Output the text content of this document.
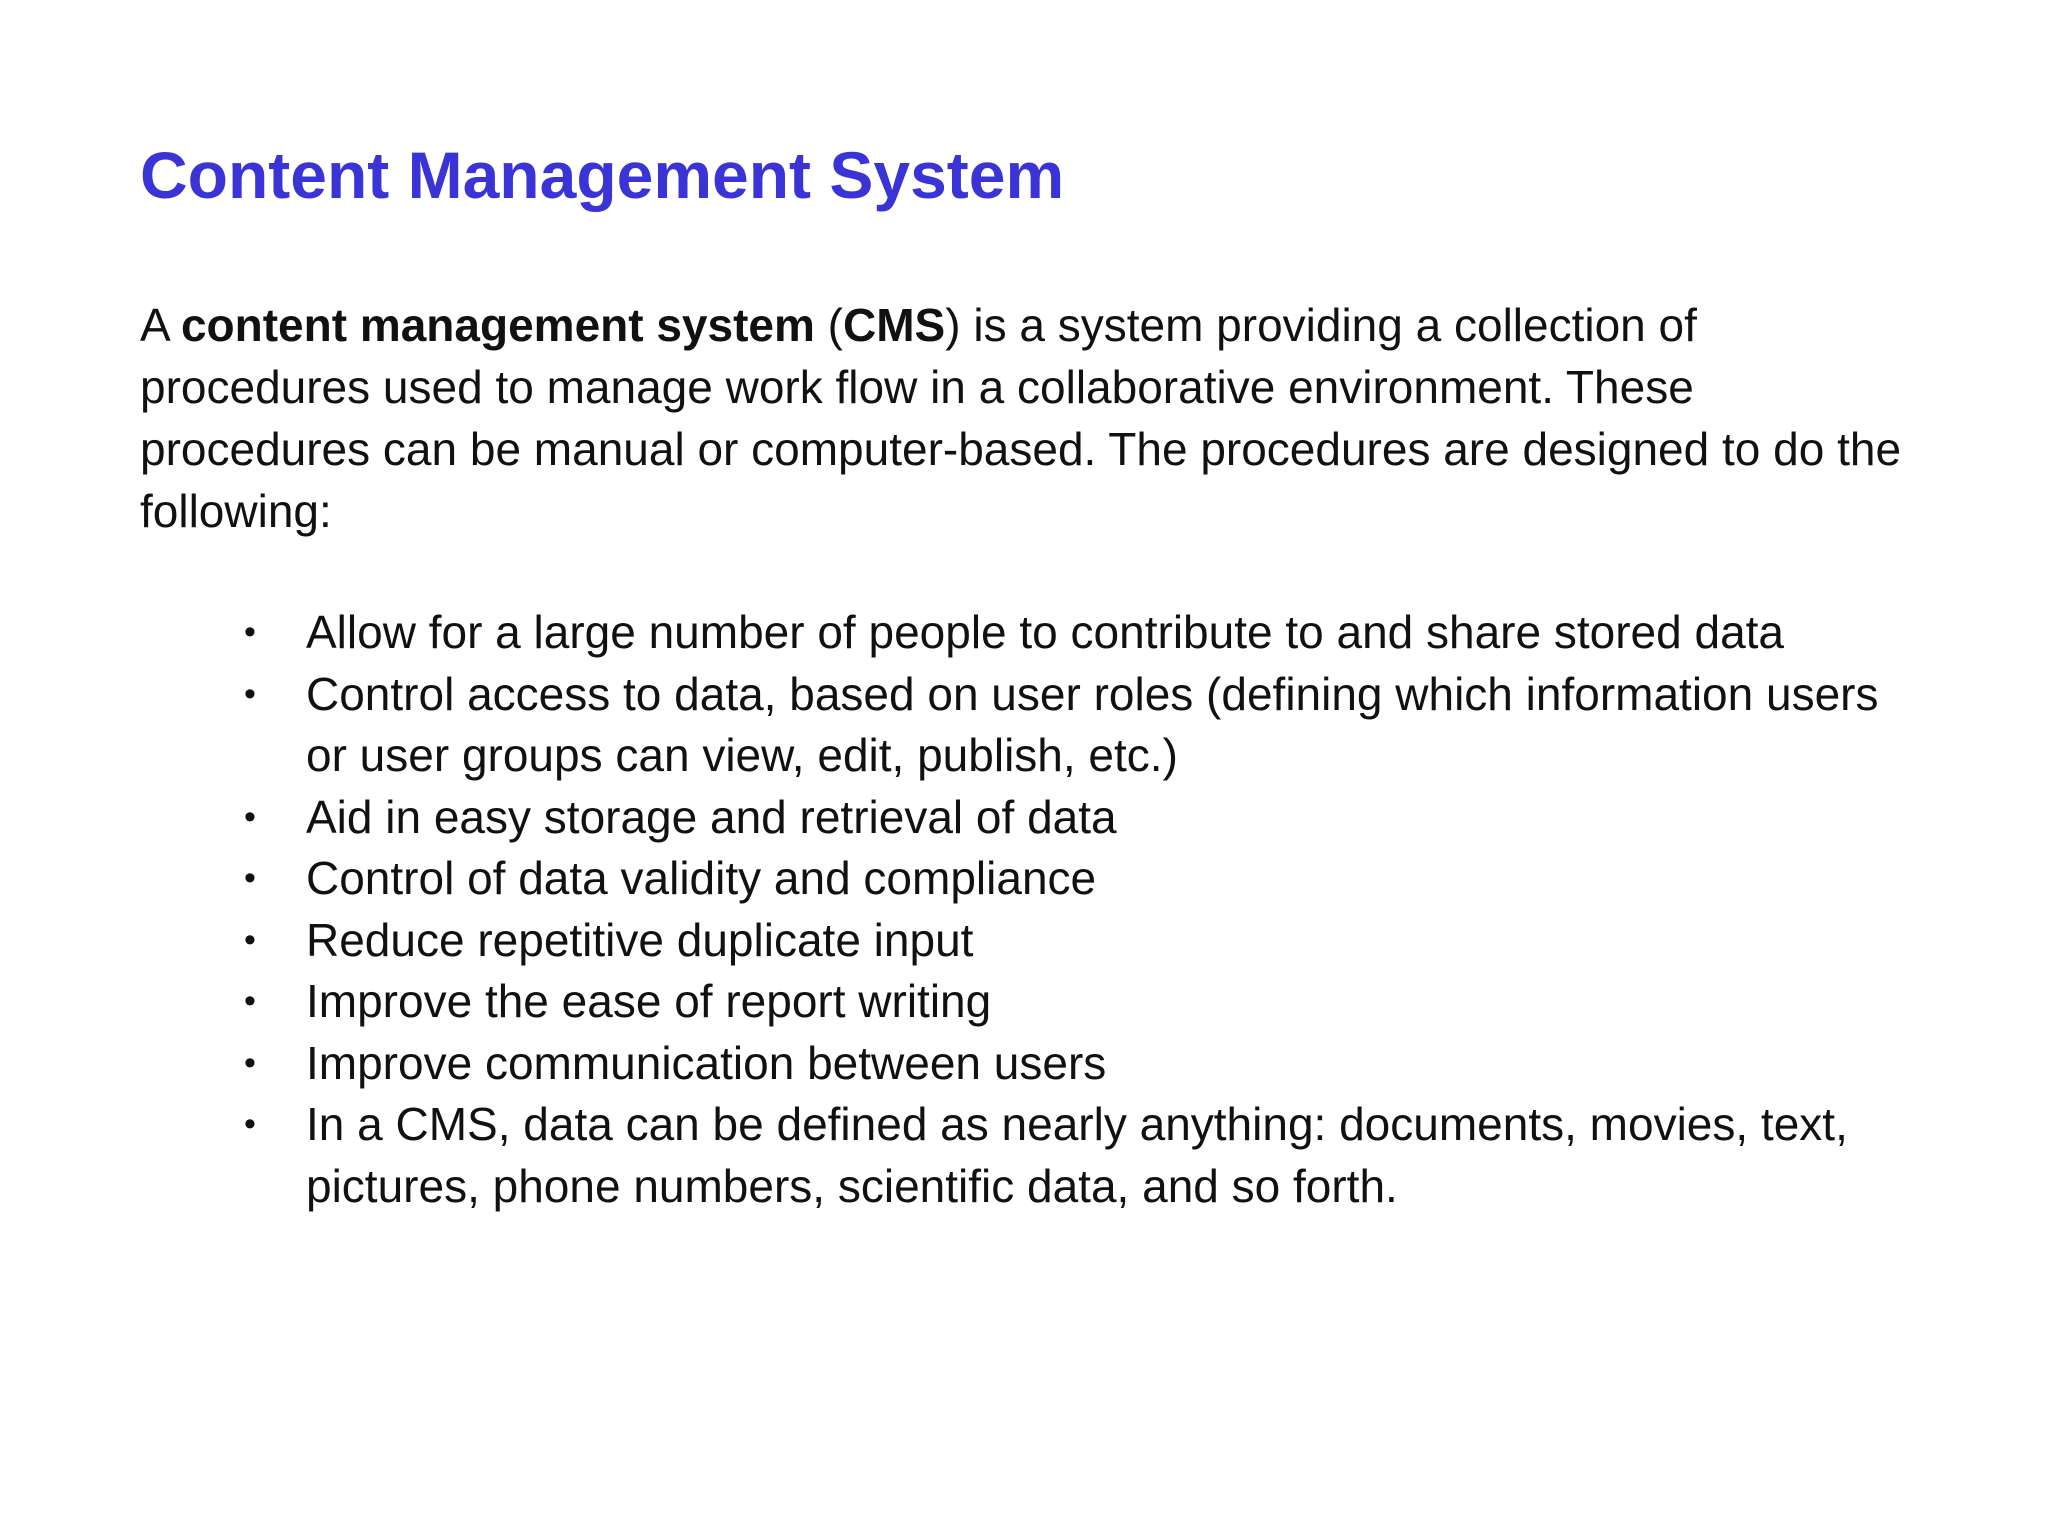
Content Management System

A content management system (CMS) is a system providing a collection of procedures used to manage work flow in a collaborative environment. These procedures can be manual or computer-based. The procedures are designed to do the following:

• Allow for a large number of people to contribute to and share stored data
• Control access to data, based on user roles (defining which information users or user groups can view, edit, publish, etc.)
• Aid in easy storage and retrieval of data
• Control of data validity and compliance
• Reduce repetitive duplicate input
• Improve the ease of report writing
• Improve communication between users
• In a CMS, data can be defined as nearly anything: documents, movies, text, pictures, phone numbers, scientific data, and so forth.
